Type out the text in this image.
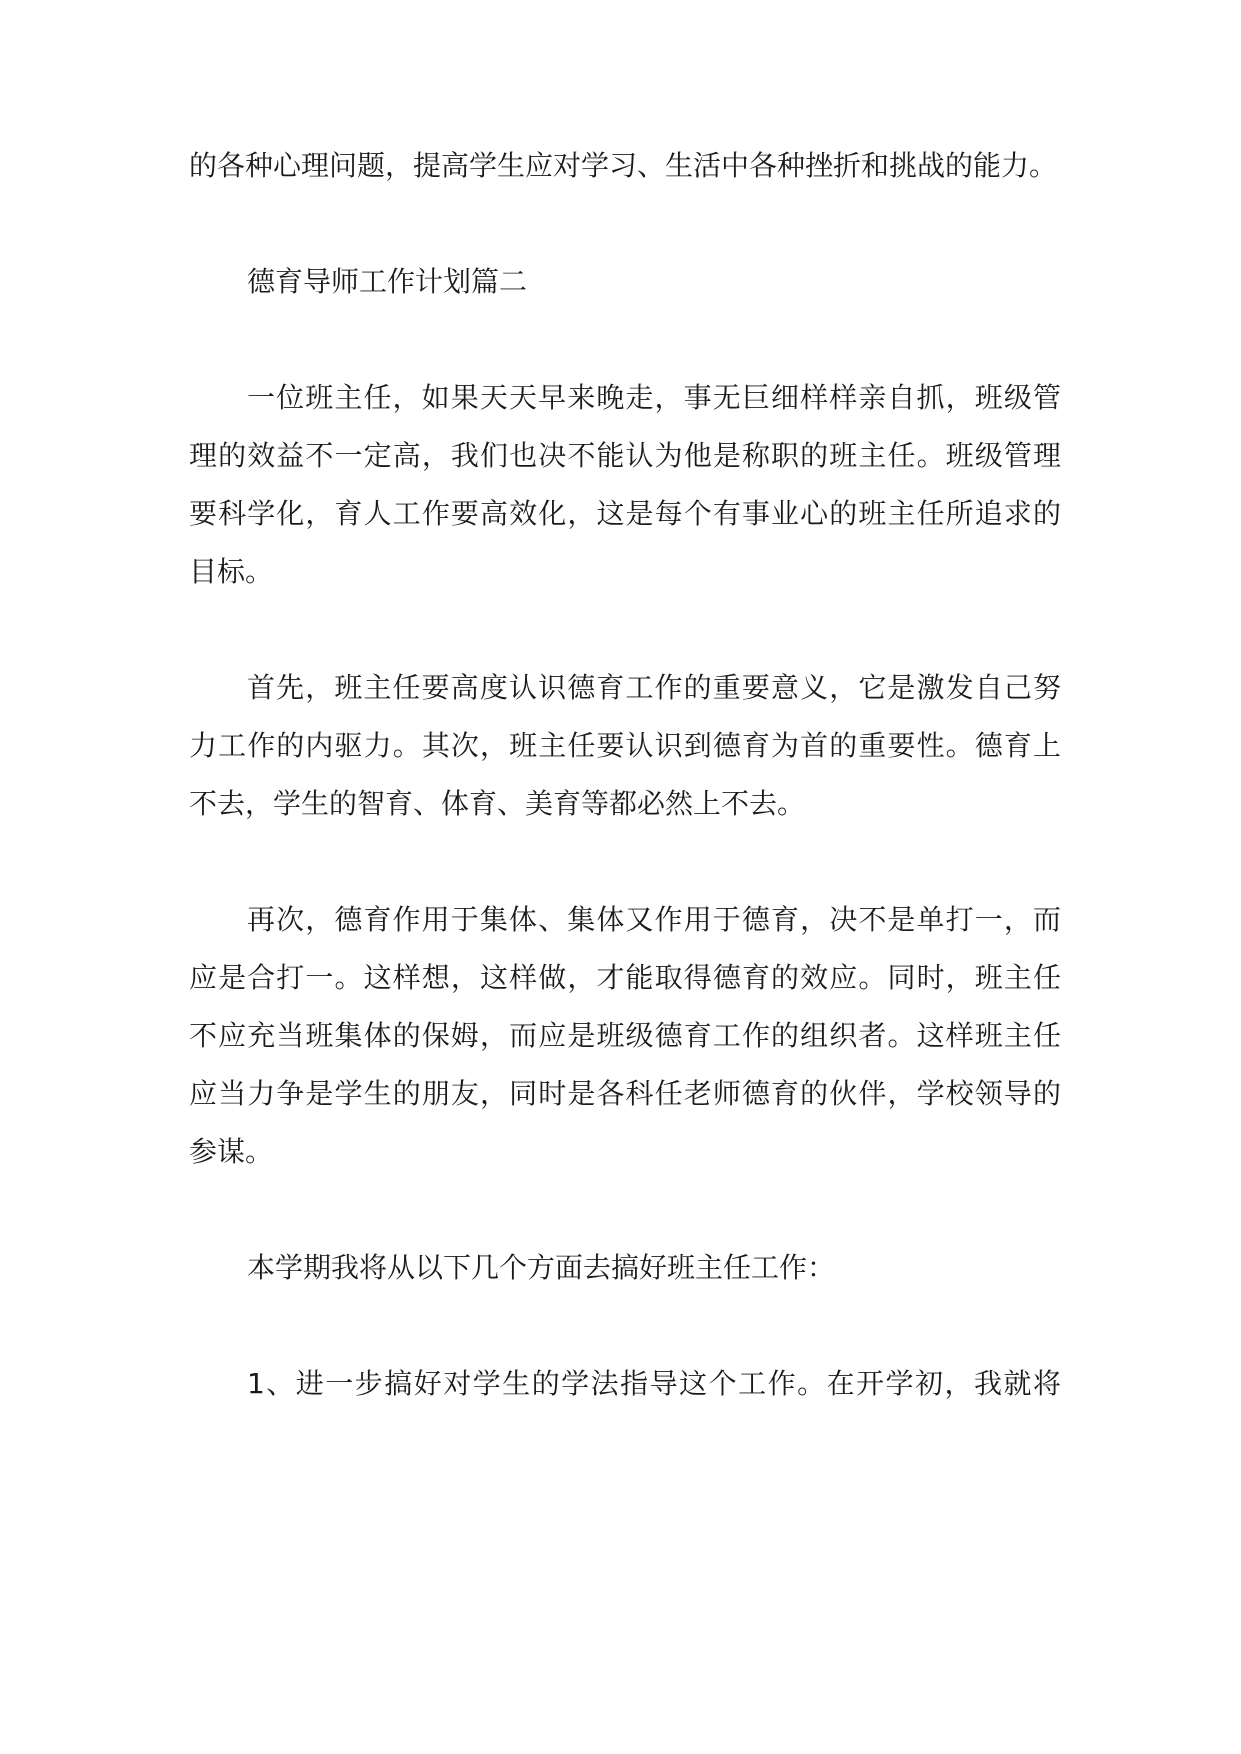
的各种心理问题，提高学生应对学习、生活中各种挫折和挑战的能力。
德育导师工作计划篇二
一位班主任，如果天天早来晚走，事无巨细样样亲自抓，班级管
理的效益不一定高，我们也决不能认为他是称职的班主任。班级管理
要科学化，育人工作要高效化，这是每个有事业心的班主任所追求的
目标。
首先，班主任要高度认识德育工作的重要意义，它是激发自己努
力工作的内驱力。其次，班主任要认识到德育为首的重要性。德育上
不去，学生的智育、体育、美育等都必然上不去。
再次，德育作用于集体、集体又作用于德育，决不是单打一，而
应是合打一。这样想，这样做，才能取得德育的效应。同时，班主任
不应充当班集体的保姆，而应是班级德育工作的组织者。这样班主任
应当力争是学生的朋友，同时是各科任老师德育的伙伴，学校领导的
参谋。
本学期我将从以下几个方面去搞好班主任工作：
1、进一步搞好对学生的学法指导这个工作。在开学初，我就将
